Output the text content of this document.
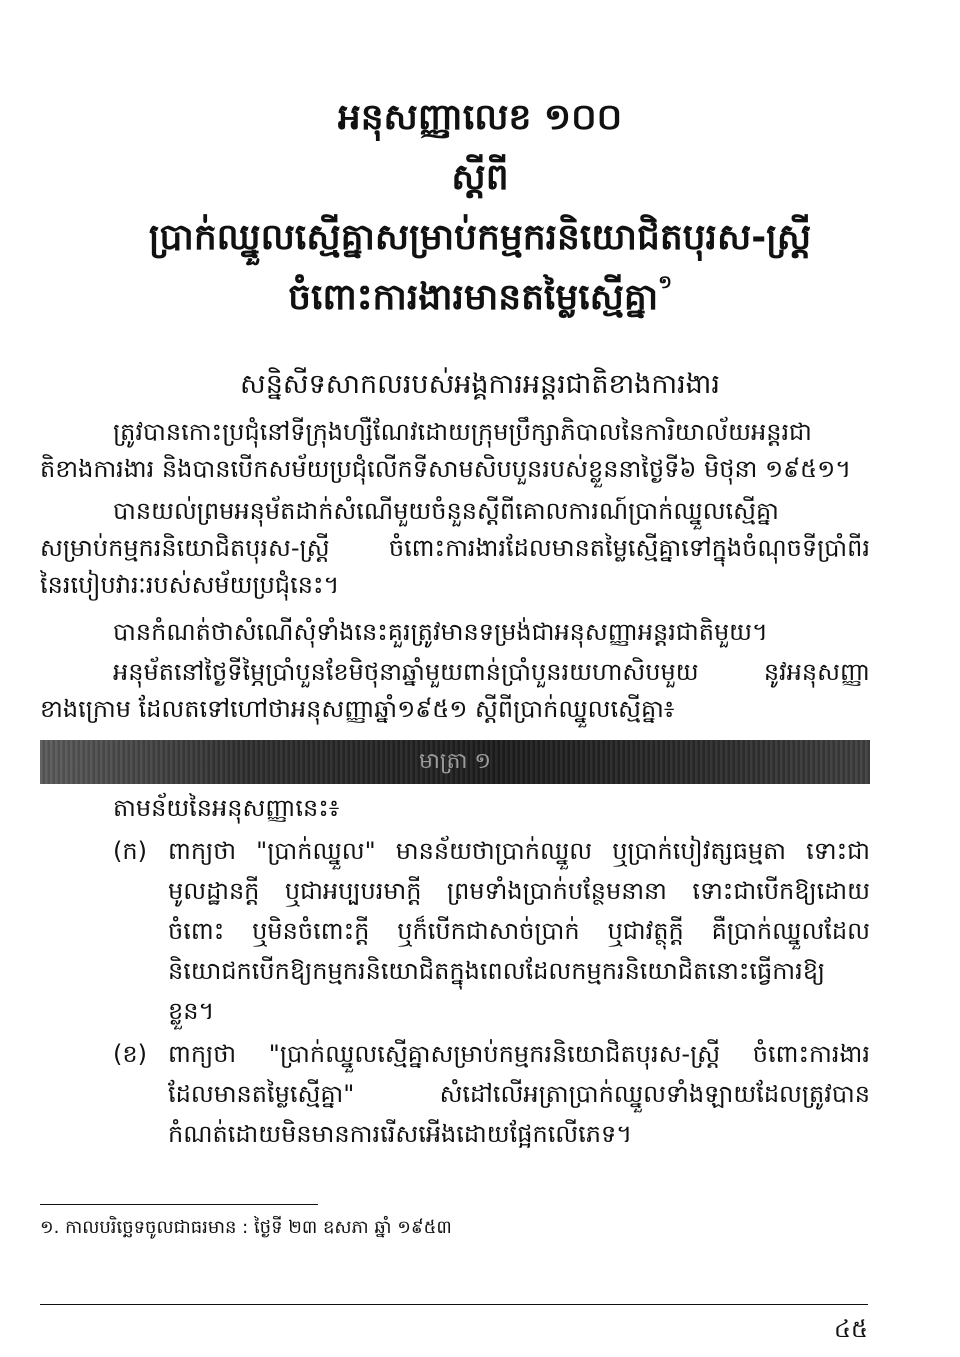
អនុសញ្ញាលេខ ១០០
ស្តីពី
ប្រាក់ឈ្នួលស្មើគ្នាសម្រាប់កម្មករនិយោជិតបុរស-ស្ត្រី
ចំពោះការងារមានតម្លៃស្មើគ្នា$^១$
សន្និសីទសាកលរបស់អង្គការអន្តរជាតិខាងការងារ

ត្រូវបានកោះប្រជុំនៅទីក្រុងហ្សឺណែវដោយក្រុមប្រឹក្សាភិបាលនៃការិយាល័យអន្តរជា
តិខាងការងារ និងបានបើកសម័យប្រជុំលើកទីសាមសិបបួនរបស់ខ្លួននាថ្ងៃទី៦ មិថុនា ១៩៥១។

បានយល់ព្រមអនុម័តដាក់សំណើមួយចំនួនស្តីពីគោលការណ៍ប្រាក់ឈ្នួលស្មើគ្នា
សម្រាប់កម្មករនិយោជិតបុរស-ស្ត្រី ចំពោះការងារដែលមានតម្លៃស្មើគ្នាទៅក្នុងចំណុចទីប្រាំពីរ
នៃរបៀបវារៈរបស់សម័យប្រជុំនេះ។

បានកំណត់ថាសំណើសុំទាំងនេះគួរត្រូវមានទម្រង់ជាអនុសញ្ញាអន្តរជាតិមួយ។

អនុម័តនៅថ្ងៃទីម្ភៃប្រាំបួនខែមិថុនាឆ្នាំមួយពាន់ប្រាំបួនរយហាសិបមួយ នូវអនុសញ្ញា
ខាងក្រោម ដែលតទៅហៅថាអនុសញ្ញាឆ្នាំ១៩៥១ ស្តីពីប្រាក់ឈ្នួលស្មើគ្នា៖

មាត្រា ១
តាមន័យនៃអនុសញ្ញានេះ៖
(ក) ពាក្យថា "ប្រាក់ឈ្នួល" មានន័យថាប្រាក់ឈ្នួល ឬប្រាក់បៀវត្សធម្មតា ទោះជា
មូលដ្ឋានក្តី ឬជាអប្បបរមាក្តី ព្រមទាំងប្រាក់បន្ថែមនានា ទោះជាបើកឱ្យដោយ
ចំពោះ ឬមិនចំពោះក្តី ឬក៏បើកជាសាច់ប្រាក់ ឬជាវត្ថុក្តី គឺប្រាក់ឈ្នួលដែល
និយោជកបើកឱ្យកម្មករនិយោជិតក្នុងពេលដែលកម្មករនិយោជិតនោះធ្វើការឱ្យ
ខ្លួន។
(ខ) ពាក្យថា "ប្រាក់ឈ្នួលស្មើគ្នាសម្រាប់កម្មករនិយោជិតបុរស-ស្ត្រី ចំពោះការងារ
ដែលមានតម្លៃស្មើគ្នា" សំដៅលើអត្រាប្រាក់ឈ្នួលទាំងឡាយដែលត្រូវបាន
កំណត់ដោយមិនមានការរើសអើងដោយផ្អែកលើភេទ។
១. កាលបរិច្ឆេទចូលជាធរមាន : ថ្ងៃទី ២៣ ឧសភា ឆ្នាំ ១៩៥៣
៤៥
